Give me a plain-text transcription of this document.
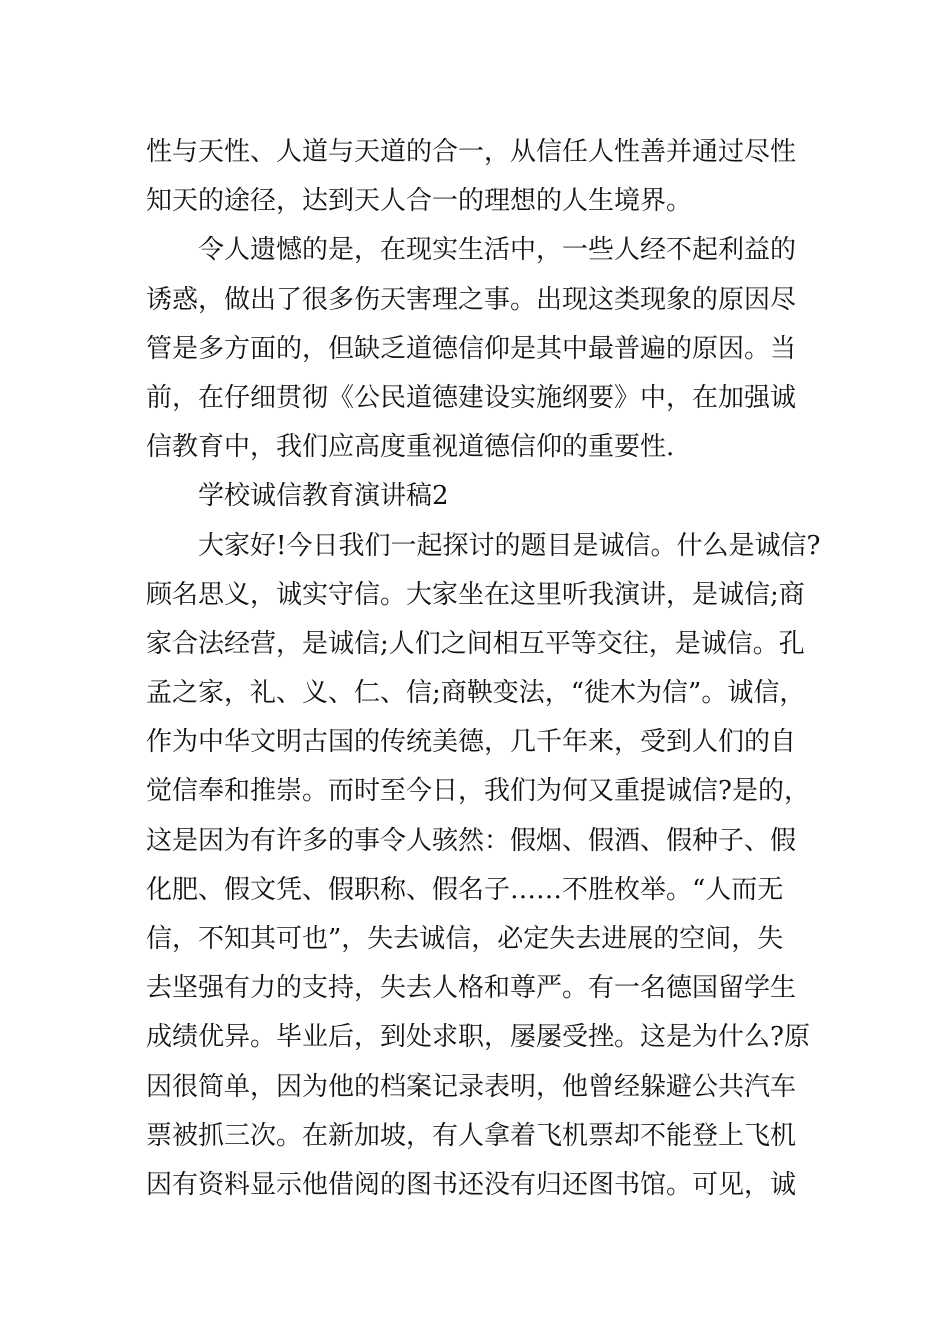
性与天性、人道与天道的合一，从信任人性善并通过尽性
知天的途径，达到天人合一的理想的人生境界。
令人遗憾的是，在现实生活中，一些人经不起利益的
诱惑，做出了很多伤天害理之事。出现这类现象的原因尽
管是多方面的，但缺乏道德信仰是其中最普遍的原因。当
前，在仔细贯彻《公民道德建设实施纲要》中，在加强诚
信教育中，我们应高度重视道德信仰的重要性.
学校诚信教育演讲稿2
大家好!今日我们一起探讨的题目是诚信。什么是诚信?
顾名思义，诚实守信。大家坐在这里听我演讲，是诚信;商
家合法经营，是诚信;人们之间相互平等交往，是诚信。孔
孟之家，礼、义、仁、信;商鞅变法，“徙木为信”。诚信，
作为中华文明古国的传统美德，几千年来，受到人们的自
觉信奉和推崇。而时至今日，我们为何又重提诚信?是的，
这是因为有许多的事令人骇然：假烟、假酒、假种子、假
化肥、假文凭、假职称、假名子……不胜枚举。“人而无
信，不知其可也”，失去诚信，必定失去进展的空间，失
去坚强有力的支持，失去人格和尊严。有一名德国留学生
成绩优异。毕业后，到处求职，屡屡受挫。这是为什么?原
因很简单，因为他的档案记录表明，他曾经躲避公共汽车
票被抓三次。在新加坡，有人拿着飞机票却不能登上飞机
因有资料显示他借阅的图书还没有归还图书馆。可见，诚
